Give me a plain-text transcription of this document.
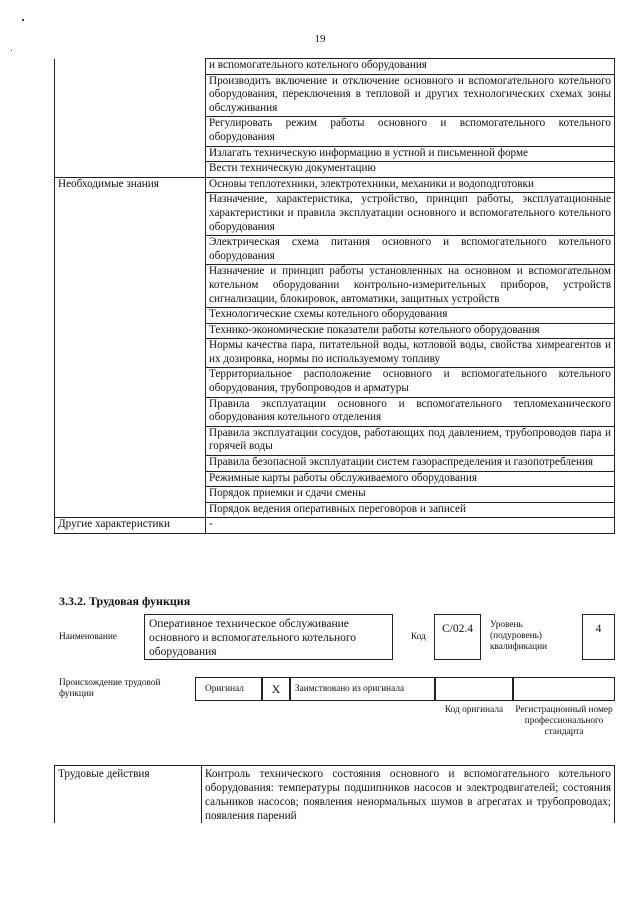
19
	и вспомогательного котельного оборудования
	Производить включение и отключение основного и вспомогательного котельного оборудования, переключения в тепловой и других технологических схемах зоны обслуживания
	Регулировать режим работы основного и вспомогательного котельного оборудования
	Излагать техническую информацию в устной и письменной форме
	Вести техническую документацию
Необходимые знания	Основы теплотехники, электротехники, механики и водоподготовки
	Назначение, характеристика, устройство, принцип работы, эксплуатационные характеристики и правила эксплуатации основного и вспомогательного котельного оборудования
	Электрическая схема питания основного и вспомогательного котельного оборудования
	Назначение и принцип работы установленных на основном и вспомогательном котельном оборудовании контрольно-измерительных приборов, устройств сигнализации, блокировок, автоматики, защитных устройств
	Технологические схемы котельного оборудования
	Технико-экономические показатели работы котельного оборудования
	Нормы качества пара, питательной воды, котловой воды, свойства химреагентов и их дозировка, нормы по используемому топливу
	Территориальное расположение основного и вспомогательного котельного оборудования, трубопроводов и арматуры
	Правила эксплуатации основного и вспомогательного тепломеханического оборудования котельного отделения
	Правила эксплуатации сосудов, работающих под давлением, трубопроводов пара и горячей воды
	Правила безопасной эксплуатации систем газораспределения и газопотребления
	Режимные карты работы обслуживаемого оборудования
	Порядок приемки и сдачи смены
	Порядок ведения оперативных переговоров и записей
Другие характеристики	-
3.3.2. Трудовая функция
Наименование
Оперативное техническое обслуживание основного и вспомогательного котельного оборудования
Код
C/02.4	Уровень (подуровень) квалификации
4
Происхождение трудовой функции
Оригинал X Заимствовано из оригинала
Код оригинала	Регистрационный номер профессионального стандарта
Трудовые действия	Контроль технического состояния основного и вспомогательного котельного оборудования: температуры подшипников насосов и электродвигателей; состояния сальников насосов; появления ненормальных шумов в агрегатах и трубопроводах; появления парений
